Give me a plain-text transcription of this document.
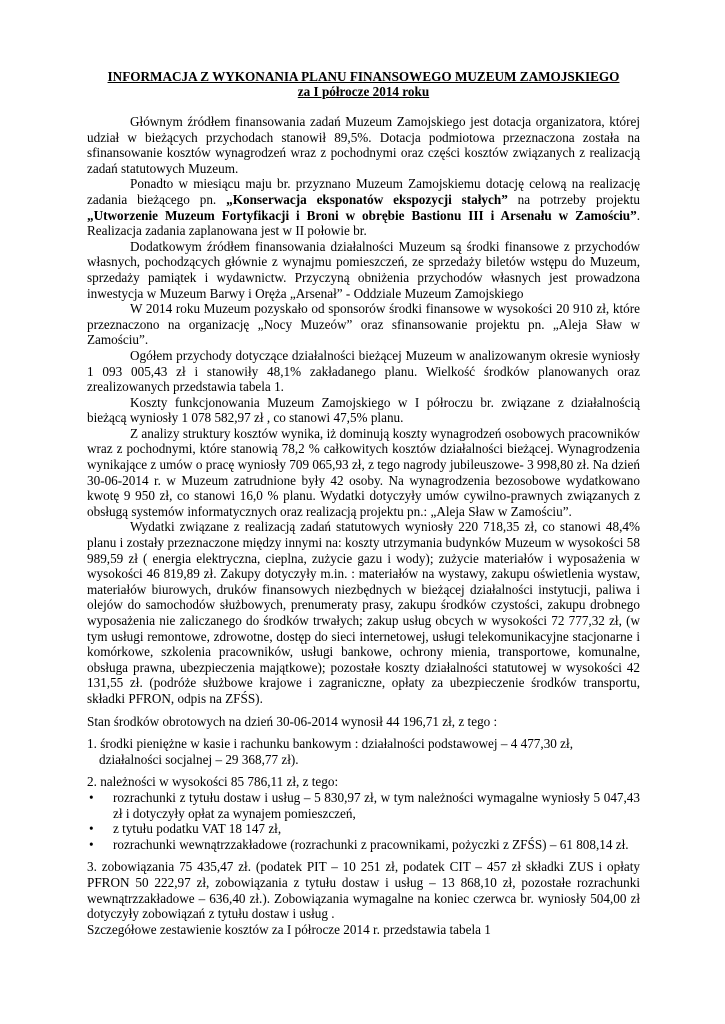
INFORMACJA Z WYKONANIA PLANU FINANSOWEGO MUZEUM ZAMOJSKIEGO
za I półrocze 2014 roku

Głównym źródłem finansowania zadań Muzeum Zamojskiego jest dotacja organizatora, której udział w bieżących przychodach stanowił 89,5%. Dotacja podmiotowa przeznaczona została na sfinansowanie kosztów wynagrodzeń wraz z pochodnymi oraz części kosztów związanych z realizacją zadań statutowych Muzeum.

Ponadto w miesiącu maju br. przyznano Muzeum Zamojskiemu dotację celową na realizację zadania bieżącego pn. „Konserwacja eksponatów ekspozycji stałych” na potrzeby projektu „Utworzenie Muzeum Fortyfikacji i Broni w obrębie Bastionu III i Arsenału w Zamościu”. Realizacja zadania zaplanowana jest w II połowie br.

Dodatkowym źródłem finansowania działalności Muzeum są środki finansowe z przychodów własnych, pochodzących głównie z wynajmu pomieszczeń, ze sprzedaży biletów wstępu do Muzeum, sprzedaży pamiątek i wydawnictw. Przyczyną obniżenia przychodów własnych jest prowadzona inwestycja w Muzeum Barwy i Oręża „Arsenał” - Oddziale Muzeum Zamojskiego

W 2014 roku Muzeum pozyskało od sponsorów środki finansowe w wysokości 20 910 zł, które przeznaczono na organizację „Nocy Muzeów” oraz sfinansowanie projektu pn. „Aleja Sław w Zamościu”.

Ogółem przychody dotyczące działalności bieżącej Muzeum w analizowanym okresie wyniosły 1 093 005,43 zł i stanowiły 48,1% zakładanego planu. Wielkość środków planowanych oraz zrealizowanych przedstawia tabela 1.

Koszty funkcjonowania Muzeum Zamojskiego w I półroczu br. związane z działalnością bieżącą wyniosły 1 078 582,97 zł , co stanowi 47,5% planu.

Z analizy struktury kosztów wynika, iż dominują koszty wynagrodzeń osobowych pracowników wraz z pochodnymi, które stanowią 78,2 % całkowitych kosztów działalności bieżącej. Wynagrodzenia wynikające z umów o pracę wyniosły 709 065,93 zł, z tego nagrody jubileuszowe- 3 998,80 zł. Na dzień 30-06-2014 r. w Muzeum zatrudnione były 42 osoby. Na wynagrodzenia bezosobowe wydatkowano kwotę 9 950 zł, co stanowi 16,0 % planu. Wydatki dotyczyły umów cywilno-prawnych związanych z obsługą systemów informatycznych oraz realizacją projektu pn.: „Aleja Sław w Zamościu”.

Wydatki związane z realizacją zadań statutowych wyniosły 220 718,35 zł, co stanowi 48,4% planu i zostały przeznaczone między innymi na: koszty utrzymania budynków Muzeum w wysokości 58 989,59 zł ( energia elektryczna, cieplna, zużycie gazu i wody); zużycie materiałów i wyposażenia w wysokości 46 819,89 zł. Zakupy dotyczyły m.in. : materiałów na wystawy, zakupu oświetlenia wystaw, materiałów biurowych, druków finansowych niezbędnych w bieżącej działalności instytucji, paliwa i olejów do samochodów służbowych, prenumeraty prasy, zakupu środków czystości, zakupu drobnego wyposażenia nie zaliczanego do środków trwałych; zakup usług obcych w wysokości 72 777,32 zł, (w tym usługi remontowe, zdrowotne, dostęp do sieci internetowej, usługi telekomunikacyjne stacjonarne i komórkowe, szkolenia pracowników, usługi bankowe, ochrony mienia, transportowe, komunalne, obsługa prawna, ubezpieczenia majątkowe); pozostałe koszty działalności statutowej w wysokości 42 131,55 zł. (podróże służbowe krajowe i zagraniczne, opłaty za ubezpieczenie środków transportu, składki PFRON, odpis na ZFŚS).

Stan środków obrotowych na dzień 30-06-2014 wynosił 44 196,71 zł, z tego :

1. środki pieniężne w kasie i rachunku bankowym : działalności podstawowej – 4 477,30 zł,
działalności socjalnej – 29 368,77 zł).

2. należności w wysokości 85 786,11 zł, z tego:

• rozrachunki z tytułu dostaw i usług – 5 830,97 zł, w tym należności wymagalne wyniosły 5 047,43 zł i dotyczyły opłat za wynajem pomieszczeń,
• z tytułu podatku VAT 18 147 zł,
• rozrachunki wewnątrzzakładowe (rozrachunki z pracownikami, pożyczki z ZFŚS) – 61 808,14 zł.

3. zobowiązania 75 435,47 zł. (podatek PIT – 10 251 zł, podatek CIT – 457 zł składki ZUS i opłaty PFRON 50 222,97 zł, zobowiązania z tytułu dostaw i usług – 13 868,10 zł, pozostałe rozrachunki wewnątrzzakładowe – 636,40 zł.). Zobowiązania wymagalne na koniec czerwca br. wyniosły 504,00 zł dotyczyły zobowiązań z tytułu dostaw i usług .

Szczegółowe zestawienie kosztów za I półrocze 2014 r. przedstawia tabela 1
